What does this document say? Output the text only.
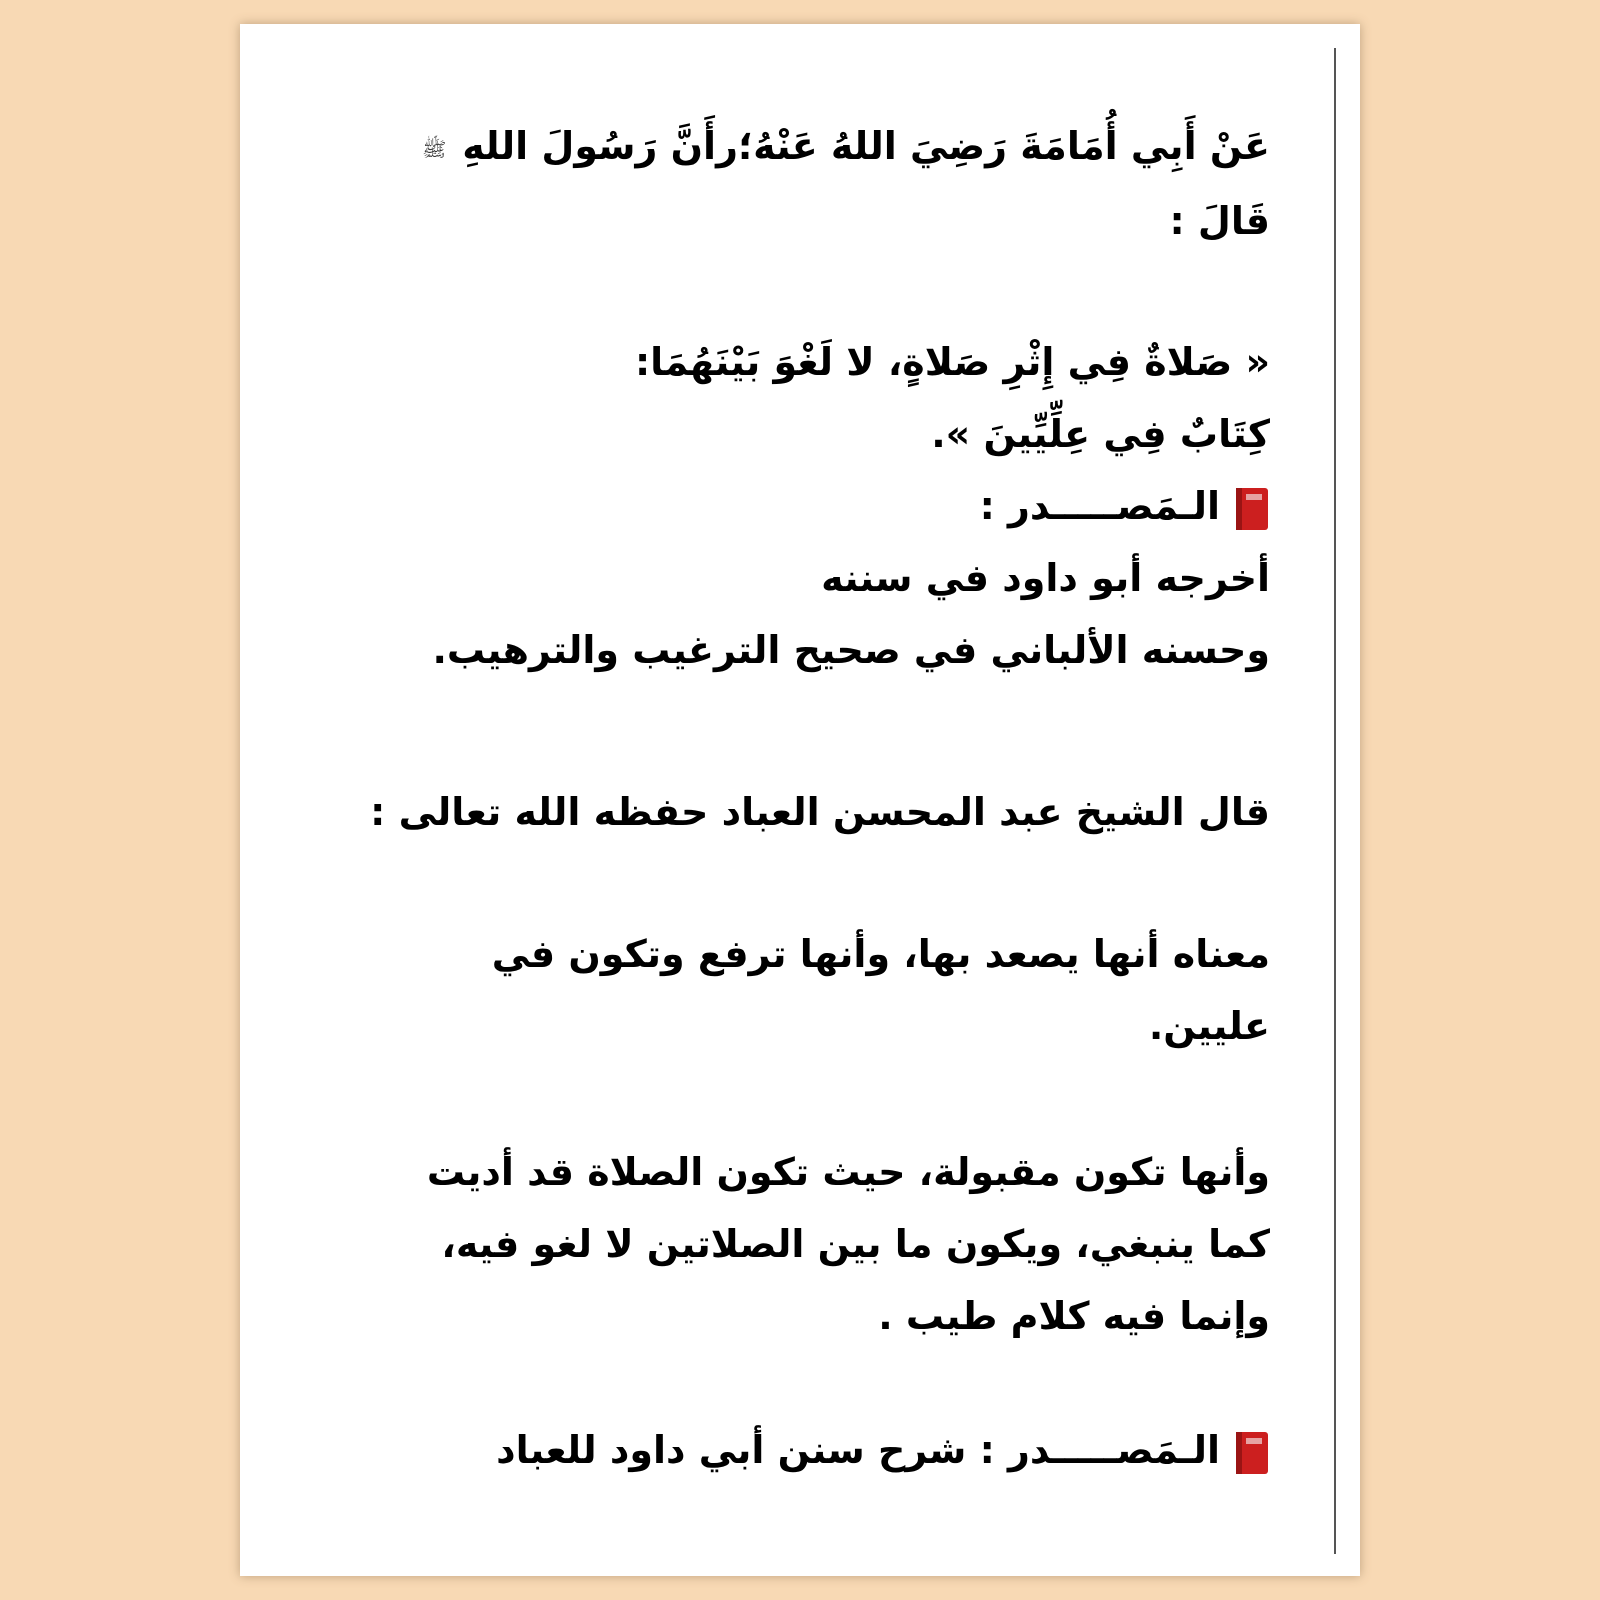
عَنْ أَبِي أُمَامَةَ رَضِيَ اللهُ عَنْهُ؛رأَنَّ رَسُولَ اللهِﷺ
قَالَ :
« صَلاةٌ فِي إِثْرِ صَلاةٍ، لا لَغْوَ بَيْنَهُمَا:
كِتَابٌ فِي عِلِّيِّينَ ».
الـمَصـــــدر :
أخرجه أبو داود في سننه
وحسنه الألباني في صحيح الترغيب والترهيب.
قال الشيخ عبد المحسن العباد حفظه الله تعالى :
معناه أنها يصعد بها، وأنها ترفع وتكون في
عليين.
وأنها تكون مقبولة، حيث تكون الصلاة قد أديت
كما ينبغي، ويكون ما بين الصلاتين لا لغو فيه،
وإنما فيه كلام طيب .
الـمَصـــــدر : شرح سنن أبي داود للعباد
